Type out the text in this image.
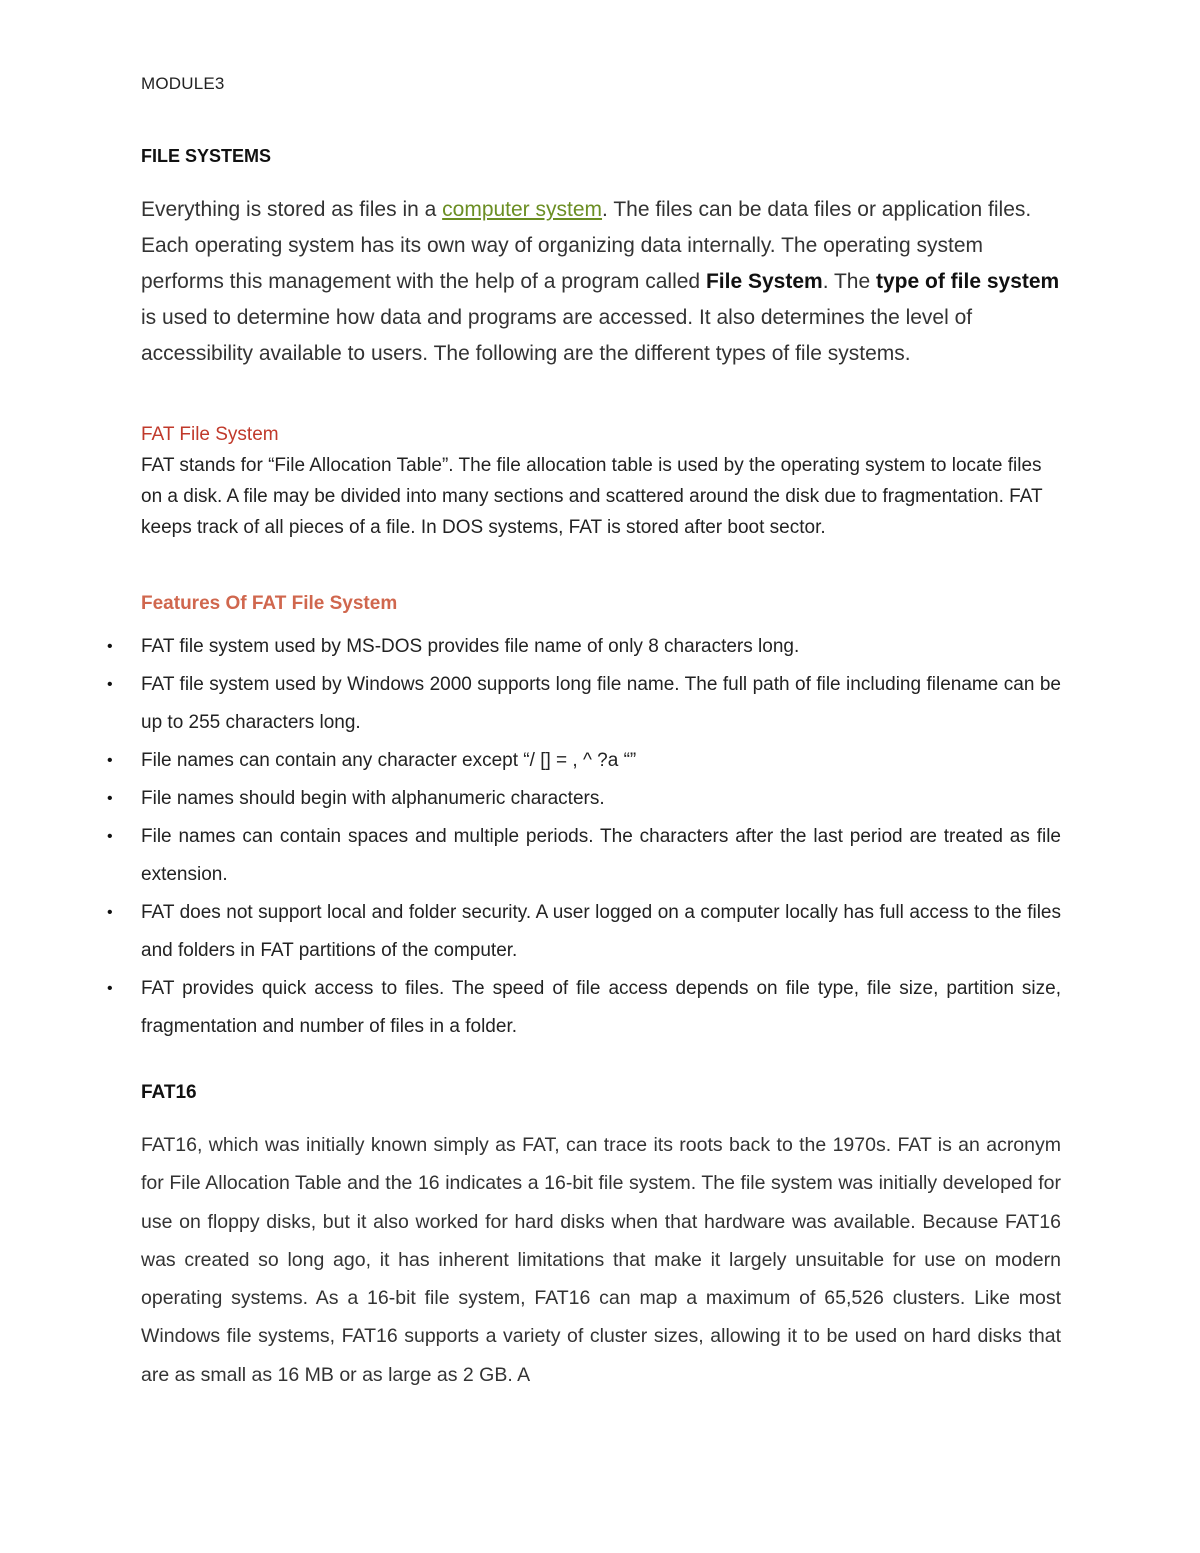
MODULE3
FILE SYSTEMS

Everything is stored as files in a computer system. The files can be data files or application files. Each operating system has its own way of organizing data internally. The operating system performs this management with the help of a program called File System. The type of file system is used to determine how data and programs are accessed. It also determines the level of accessibility available to users. The following are the different types of file systems.

FAT File System

FAT stands for “File Allocation Table”. The file allocation table is used by the operating system to locate files on a disk. A file may be divided into many sections and scattered around the disk due to fragmentation. FAT keeps track of all pieces of a file. In DOS systems, FAT is stored after boot sector.

Features Of FAT File System
• FAT file system used by MS-DOS provides file name of only 8 characters long.
• FAT file system used by Windows 2000 supports long file name. The full path of file including filename can be up to 255 characters long.
• File names can contain any character except “/ [] = , ^ ?a “”
• File names should begin with alphanumeric characters.
• File names can contain spaces and multiple periods. The characters after the last period are treated as file extension.
• FAT does not support local and folder security. A user logged on a computer locally has full access to the files and folders in FAT partitions of the computer.
• FAT provides quick access to files. The speed of file access depends on file type, file size, partition size, fragmentation and number of files in a folder.
FAT16

FAT16, which was initially known simply as FAT, can trace its roots back to the 1970s. FAT is an acronym for File Allocation Table and the 16 indicates a 16-bit file system. The file system was initially developed for use on floppy disks, but it also worked for hard disks when that hardware was available. Because FAT16 was created so long ago, it has inherent limitations that make it largely unsuitable for use on modern operating systems. As a 16-bit file system, FAT16 can map a maximum of 65,526 clusters. Like most Windows file systems, FAT16 supports a variety of cluster sizes, allowing it to be used on hard disks that are as small as 16 MB or as large as 2 GB. A
